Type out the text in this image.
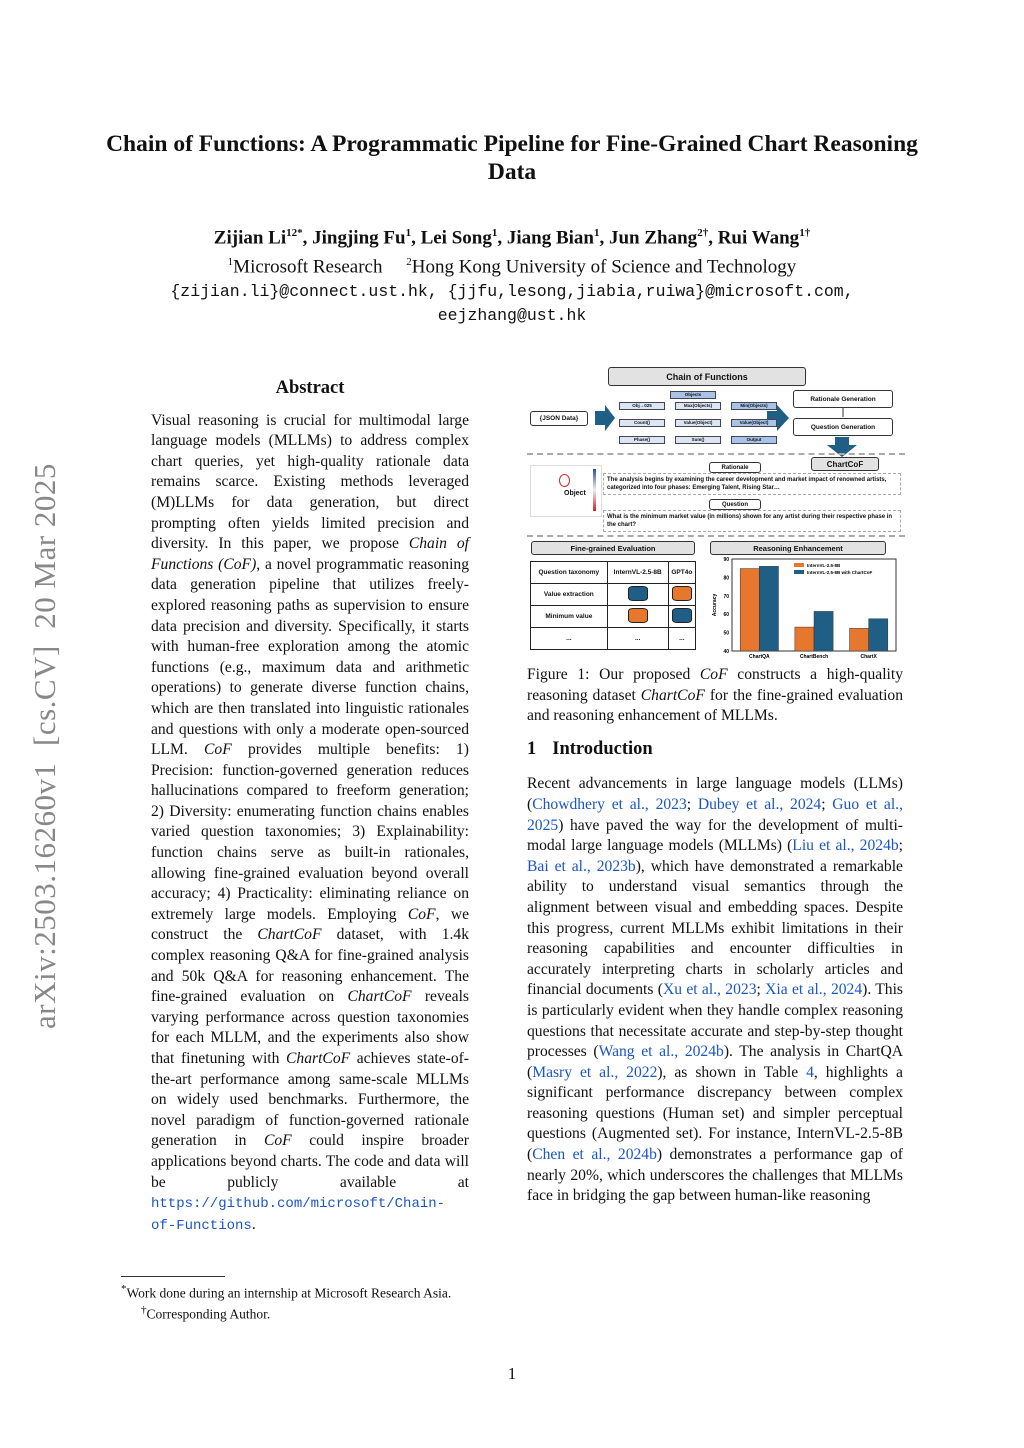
arXiv:2503.16260v1  [cs.CV]  20 Mar 2025
Chain of Functions: A Programmatic Pipeline for Fine-Grained Chart Reasoning Data
Zijian $Li^{12*}$, Jingjing Fu$^1$, Lei Song$^1$, Jiang Bian$^1$, Jun Zhang$^{2\dagger}$, Rui Wang$^{1\dagger}$
$^1$Microsoft Research $^2$Hong Kong University of Science and Technology
{zijian.li}@connect.ust.hk, {jjfu,lesong,jiabia,ruiwa}@microsoft.com,
eejzhang@ust.hk
Abstract

Visual reasoning is crucial for multimodal large language models (MLLMs) to address complex chart queries, yet high-quality rationale data remains scarce. Existing methods leveraged (M)LLMs for data generation, but direct prompting often yields limited precision and diversity. In this paper, we propose Chain of Functions (CoF), a novel programmatic reasoning data generation pipeline that utilizes freely-explored reasoning paths as supervision to ensure data precision and diversity. Specifically, it starts with human-free exploration among the atomic functions (e.g., maximum data and arithmetic operations) to generate diverse function chains, which are then translated into linguistic rationales and questions with only a moderate open-sourced LLM. CoF provides multiple benefits: 1) Precision: function-governed generation reduces hallucinations compared to freeform generation; 2) Diversity: enumerating function chains enables varied question taxonomies; 3) Explainability: function chains serve as built-in rationales, allowing fine-grained evaluation beyond overall accuracy; 4) Practicality: eliminating reliance on extremely large models. Employing CoF, we construct the ChartCoF dataset, with 1.4k complex reasoning Q&A for fine-grained analysis and 50k Q&A for reasoning enhancement. The fine-grained evaluation on ChartCoF reveals varying performance across question taxonomies for each MLLM, and the experiments also show that finetuning with ChartCoF achieves state-of-the-art performance among same-scale MLLMs on widely used benchmarks. Furthermore, the novel paradigm of function-governed rationale generation in CoF could inspire broader applications beyond charts. The code and data will be publicly available at https://github.com/microsoft/Chain-of-Functions.

*Work done during an internship at Microsoft Research Asia.
†Corresponding Author.
Chain of Functions
{JSON Data}
Objects
Obj→025	Max(Objects)	Min(Objects)
Count()	Value(Object)	Value(Object)
Phase()	Sum()	Output
Rationale Generation
Question Generation
ChartCoF
Object
Rationale
The analysis begins by examining the career development and market impact of renowned artists, categorized into four phases: Emerging Talent, Rising Star…
Question
What is the minimum market value (in millions) shown for any artist during their respective phase in the chart?
Fine-grained Evaluation	Reasoning Enhancement
Question taxonomy	InternVL-2.5-8B	GPT4o
Value extraction		
Minimum value		
...	...	...
40
50
60
70
80
90
Accuracy
ChartQA	ChartBench	ChartX
InternVL-2.5-8B
InternVL-2.5-8B with ChartCoF

Figure 1: Our proposed CoF constructs a high-quality reasoning dataset ChartCoF for the fine-grained evaluation and reasoning enhancement of MLLMs.

1 Introduction

Recent advancements in large language models (LLMs) (Chowdhery et al., 2023; Dubey et al., 2024; Guo et al., 2025) have paved the way for the development of multi-modal large language models (MLLMs) (Liu et al., 2024b; Bai et al., 2023b), which have demonstrated a remarkable ability to understand visual semantics through the alignment between visual and embedding spaces. Despite this progress, current MLLMs exhibit limitations in their reasoning capabilities and encounter difficulties in accurately interpreting charts in scholarly articles and financial documents (Xu et al., 2023; Xia et al., 2024). This is particularly evident when they handle complex reasoning questions that necessitate accurate and step-by-step thought processes (Wang et al., 2024b). The analysis in ChartQA (Masry et al., 2022), as shown in Table 4, highlights a significant performance discrepancy between complex reasoning questions (Human set) and simpler perceptual questions (Augmented set). For instance, InternVL-2.5-8B (Chen et al., 2024b) demonstrates a performance gap of nearly 20%, which underscores the challenges that MLLMs face in bridging the gap between human-like reasoning

1
